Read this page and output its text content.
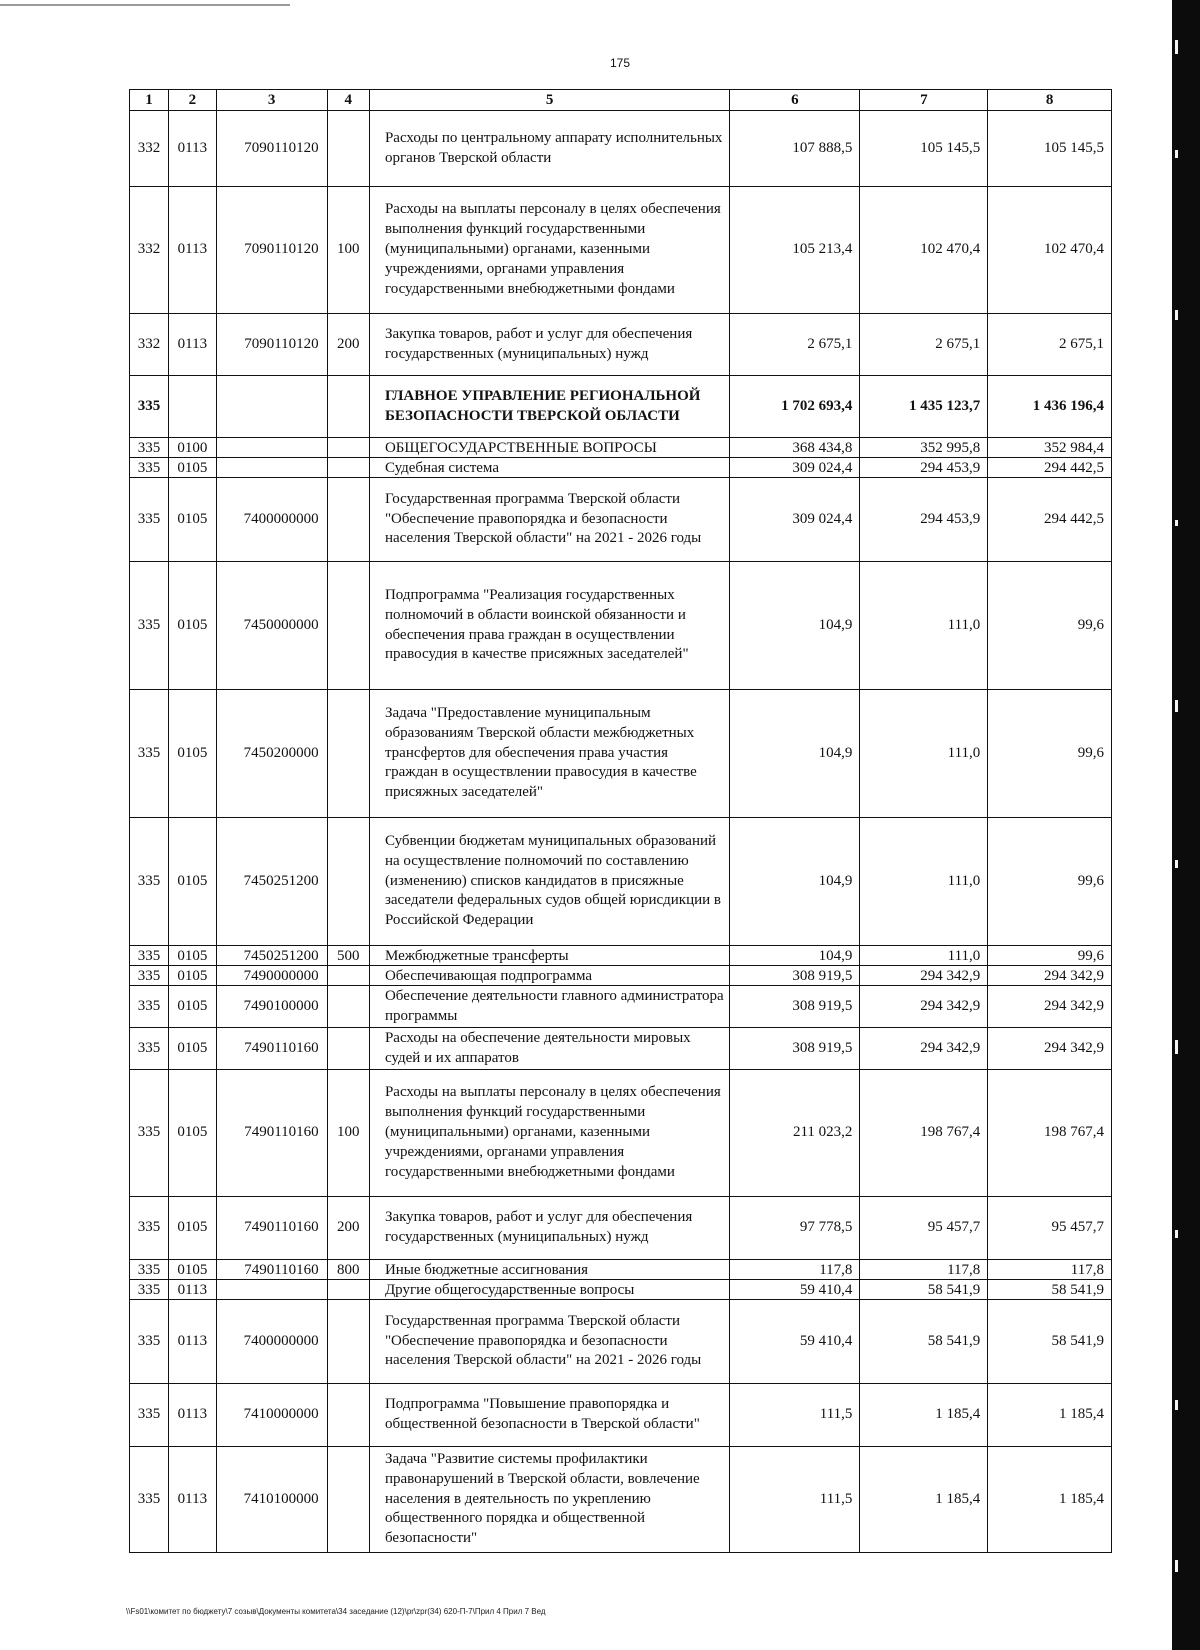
175
1	2	3	4	5	6	7	8
332	0113	7090110120		Расходы по центральному аппарату исполнительных органов Тверской области	107 888,5	105 145,5	105 145,5
332	0113	7090110120	100	Расходы на выплаты персоналу в целях обеспечения выполнения функций государственными (муниципальными) органами, казенными учреждениями, органами управления государственными внебюджетными фондами	105 213,4	102 470,4	102 470,4
332	0113	7090110120	200	Закупка товаров, работ и услуг для обеспечения государственных (муниципальных) нужд	2 675,1	2 675,1	2 675,1
335				ГЛАВНОЕ УПРАВЛЕНИЕ РЕГИОНАЛЬНОЙ БЕЗОПАСНОСТИ ТВЕРСКОЙ ОБЛАСТИ	1 702 693,4	1 435 123,7	1 436 196,4
335	0100			ОБЩЕГОСУДАРСТВЕННЫЕ ВОПРОСЫ	368 434,8	352 995,8	352 984,4
335	0105			Судебная система	309 024,4	294 453,9	294 442,5
335	0105	7400000000		Государственная программа Тверской области "Обеспечение правопорядка и безопасности населения Тверской области" на 2021 - 2026 годы	309 024,4	294 453,9	294 442,5
335	0105	7450000000		Подпрограмма "Реализация государственных полномочий в области воинской обязанности и обеспечения права граждан в осуществлении правосудия в качестве присяжных заседателей"	104,9	111,0	99,6
335	0105	7450200000		Задача "Предоставление муниципальным образованиям Тверской области межбюджетных трансфертов для обеспечения права участия граждан в осуществлении правосудия в качестве присяжных заседателей"	104,9	111,0	99,6
335	0105	7450251200		Субвенции бюджетам муниципальных образований на осуществление полномочий по составлению (изменению) списков кандидатов в присяжные заседатели федеральных судов общей юрисдикции в Российской Федерации	104,9	111,0	99,6
335	0105	7450251200	500	Межбюджетные трансферты	104,9	111,0	99,6
335	0105	7490000000		Обеспечивающая подпрограмма	308 919,5	294 342,9	294 342,9
335	0105	7490100000		Обеспечение деятельности главного администратора программы	308 919,5	294 342,9	294 342,9
335	0105	7490110160		Расходы на обеспечение деятельности мировых судей и их аппаратов	308 919,5	294 342,9	294 342,9
335	0105	7490110160	100	Расходы на выплаты персоналу в целях обеспечения выполнения функций государственными (муниципальными) органами, казенными учреждениями, органами управления государственными внебюджетными фондами	211 023,2	198 767,4	198 767,4
335	0105	7490110160	200	Закупка товаров, работ и услуг для обеспечения государственных (муниципальных) нужд	97 778,5	95 457,7	95 457,7
335	0105	7490110160	800	Иные бюджетные ассигнования	117,8	117,8	117,8
335	0113			Другие общегосударственные вопросы	59 410,4	58 541,9	58 541,9
335	0113	7400000000		Государственная программа Тверской области "Обеспечение правопорядка и безопасности населения Тверской области" на 2021 - 2026 годы	59 410,4	58 541,9	58 541,9
335	0113	7410000000		Подпрограмма "Повышение правопорядка и общественной безопасности в Тверской области"	111,5	1 185,4	1 185,4
335	0113	7410100000		Задача "Развитие системы профилактики правонарушений в Тверской области, вовлечение населения в деятельность по укреплению общественного порядка и общественной безопасности"	111,5	1 185,4	1 185,4
\\Fs01\комитет по бюджету\7 созыв\Документы комитета\34 заседание (12)\pr\zpr(34) 620-П-7\Прил 4 Прил 7 Вед
